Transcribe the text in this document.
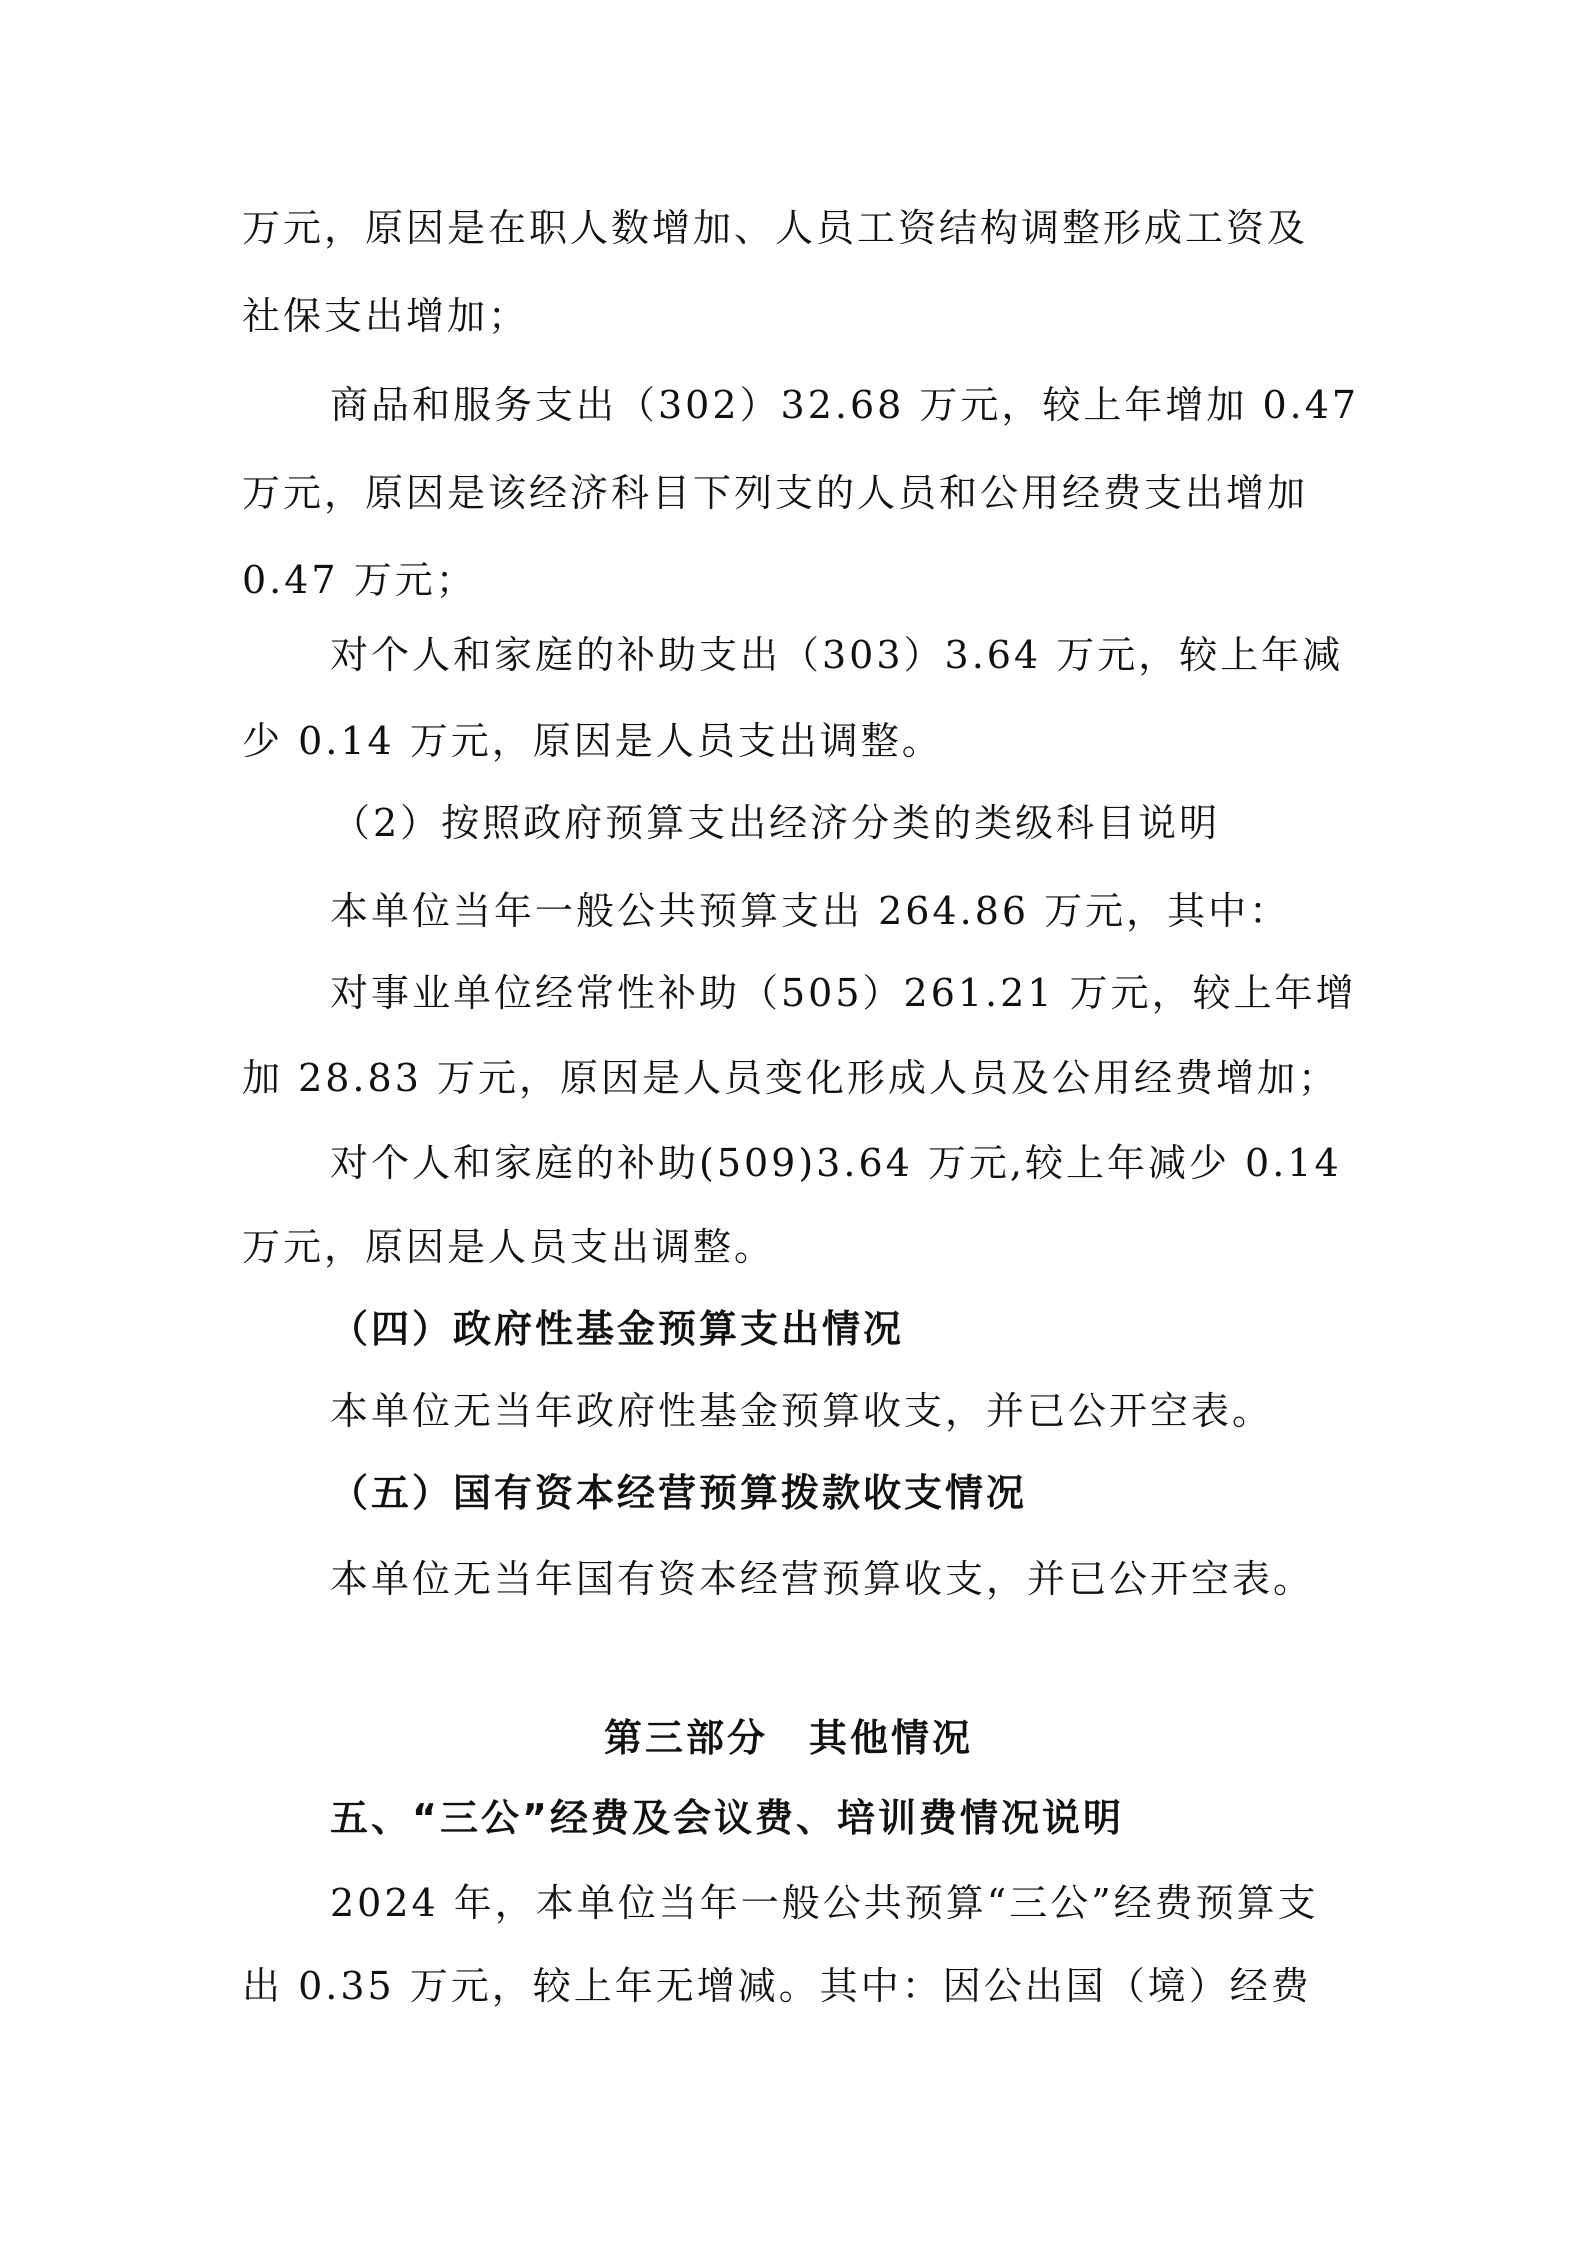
万元，原因是在职人数增加、人员工资结构调整形成工资及

社保支出增加；

商品和服务支出（302）32.68 万元，较上年增加 0.47

万元，原因是该经济科目下列支的人员和公用经费支出增加

0.47 万元；

对个人和家庭的补助支出（303）3.64 万元，较上年减

少 0.14 万元，原因是人员支出调整。

（2）按照政府预算支出经济分类的类级科目说明

本单位当年一般公共预算支出 264.86 万元，其中：

对事业单位经常性补助（505）261.21 万元，较上年增

加 28.83 万元，原因是人员变化形成人员及公用经费增加；

对个人和家庭的补助(509)3.64 万元,较上年减少 0.14

万元，原因是人员支出调整。

（四）政府性基金预算支出情况

本单位无当年政府性基金预算收支，并已公开空表。

（五）国有资本经营预算拨款收支情况

本单位无当年国有资本经营预算收支，并已公开空表。

第三部分　其他情况

五、“三公”经费及会议费、培训费情况说明

2024 年，本单位当年一般公共预算“三公”经费预算支

出 0.35 万元，较上年无增减。其中：因公出国（境）经费
